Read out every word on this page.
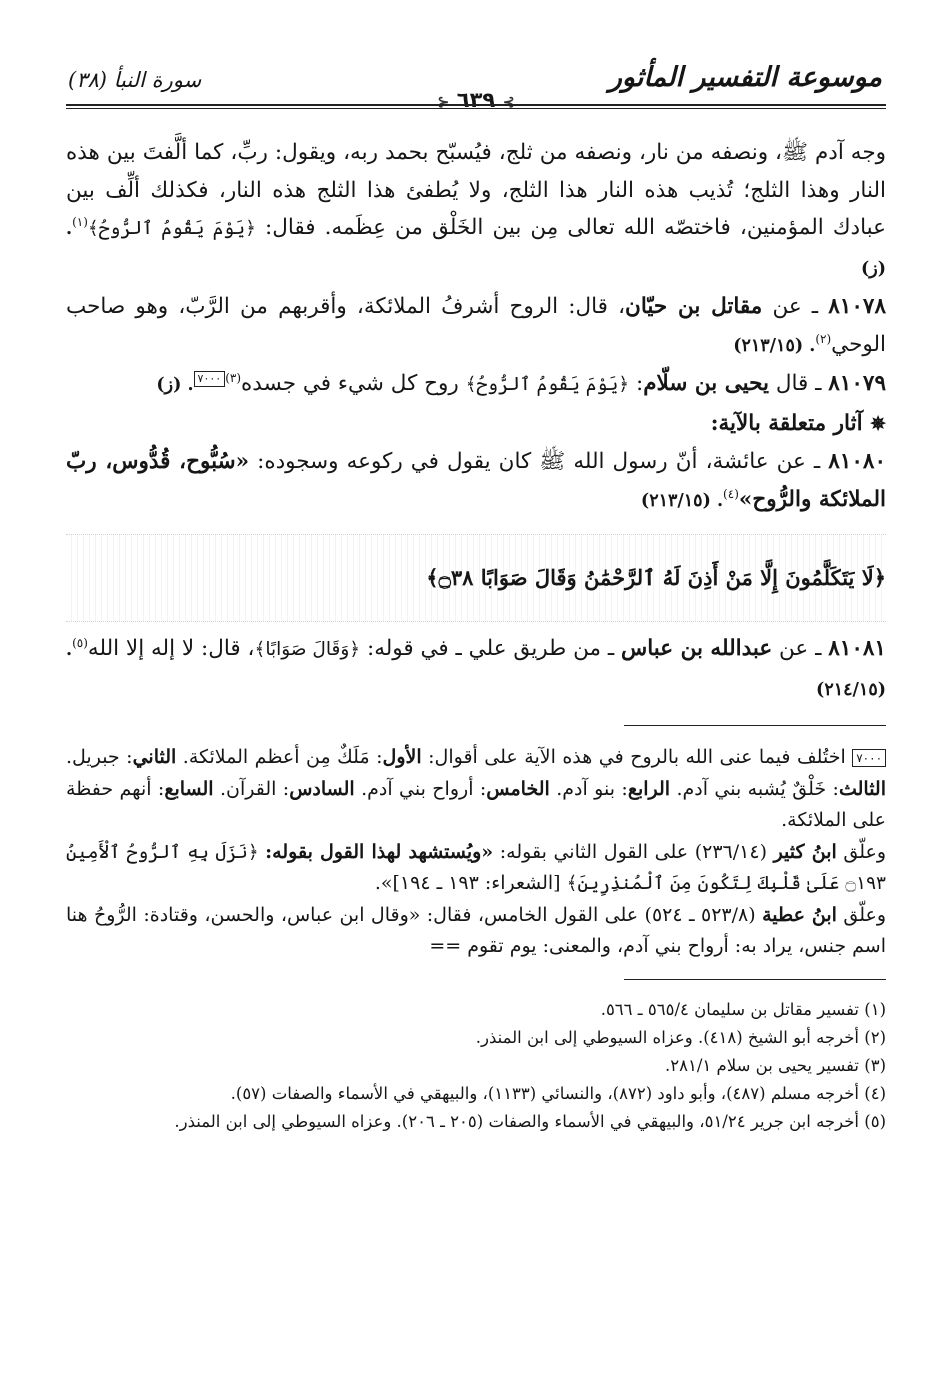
موسوعة التفسير المأثور
⊱ ٦٣٩ ⊰
سورة النبأ (٣٨)

وجه آدم ﷺ، ونصفه من نار، ونصفه من ثلج، فيُسبّح بحمد ربه، ويقول: ربِّ، كما ألَّفتَ بين هذه النار وهذا الثلج؛ تُذيب هذه النار هذا الثلج، ولا يُطفئ هذا الثلج هذه النار، فكذلك ألِّف بين عبادك المؤمنين، فاختصّه الله تعالى مِن بين الخَلْق من عِظَمه. فقال: ﴿يَوْمَ يَقُومُ ٱلرُّوحُ﴾$^{(١)}$. (ز)

٨١٠٧٨ ـ عن مقاتل بن حيّان، قال: الروح أشرفُ الملائكة، وأقربهم من الرَّبّ، وهو صاحب الوحي$^{(٢)}$. (٢١٣/١٥)

٨١٠٧٩ ـ قال يحيى بن سلّام: ﴿يَوْمَ يَقُومُ ٱلرُّوحُ﴾ روح كل شيء في جسده$^{(٣)}$٧٠٠٠. (ز)

✵ آثار متعلقة بالآية:

٨١٠٨٠ ـ عن عائشة، أنّ رسول الله ﷺ كان يقول في ركوعه وسجوده: «سُبُّوح، قُدُّوس، ربّ الملائكة والرُّوح»$^{(٤)}$. (٢١٣/١٥)

﴿لَا يَتَكَلَّمُونَ إِلَّا مَنْ أَذِنَ لَهُ ٱلرَّحْمَٰنُ وَقَالَ صَوَابًا ۝٣٨﴾

٨١٠٨١ ـ عن عبدالله بن عباس ـ من طريق علي ـ في قوله: ﴿وَقَالَ صَوَابًا﴾، قال: لا إله إلا الله$^{(٥)}$. (٢١٤/١٥)

٧٠٠٠ اختُلف فيما عنى الله بالروح في هذه الآية على أقوال: الأول: مَلَكٌ مِن أعظم الملائكة. الثاني: جبريل. الثالث: خَلْقٌ يُشبه بني آدم. الرابع: بنو آدم. الخامس: أرواح بني آدم. السادس: القرآن. السابع: أنهم حفظة على الملائكة.

وعلّق ابنُ كثير (٢٣٦/١٤) على القول الثاني بقوله: «ويُستشهد لهذا القول بقوله: ﴿نَزَلَ بِهِ ٱلرُّوحُ ٱلْأَمِينُ ۝١٩٣ عَلَىٰ قَلْبِكَ لِتَكُونَ مِنَ ٱلْمُنذِرِينَ﴾ [الشعراء: ١٩٣ ـ ١٩٤]».

وعلّق ابنُ عطية (٥٢٣/٨ ـ ٥٢٤) على القول الخامس، فقال: «وقال ابن عباس، والحسن، وقتادة: الرُّوحُ هنا اسم جنس، يراد به: أرواح بني آدم، والمعنى: يوم تقوم ==

(١) تفسير مقاتل بن سليمان ٥٦٥/٤ ـ ٥٦٦.
(٢) أخرجه أبو الشيخ (٤١٨). وعزاه السيوطي إلى ابن المنذر.
(٣) تفسير يحيى بن سلام ٢٨١/١.
(٤) أخرجه مسلم (٤٨٧)، وأبو داود (٨٧٢)، والنسائي (١١٣٣)، والبيهقي في الأسماء والصفات (٥٧).
(٥) أخرجه ابن جرير ٥١/٢٤، والبيهقي في الأسماء والصفات (٢٠٥ ـ ٢٠٦). وعزاه السيوطي إلى ابن المنذر.
